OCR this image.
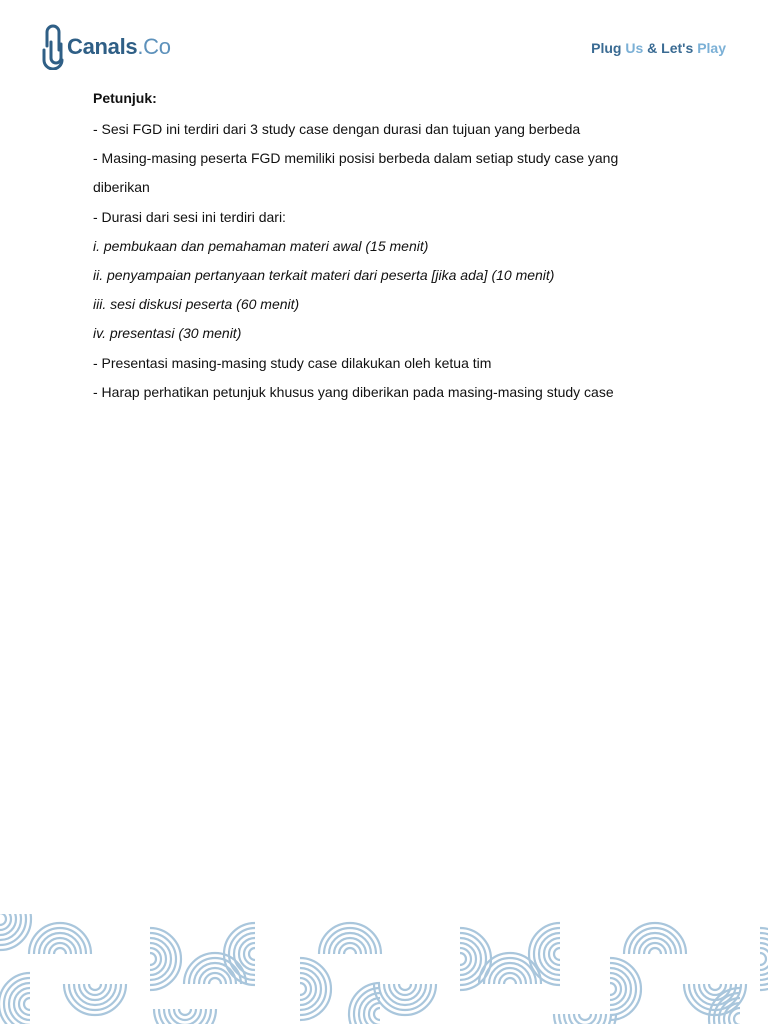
Canals.Co	Plug Us & Let's Play

Petunjuk:

- Sesi FGD ini terdiri dari 3 study case dengan durasi dan tujuan yang berbeda

- Masing-masing peserta FGD memiliki posisi berbeda dalam setiap study case yang

diberikan

- Durasi dari sesi ini terdiri dari:

i. pembukaan dan pemahaman materi awal (15 menit)

ii. penyampaian pertanyaan terkait materi dari peserta [jika ada] (10 menit)

iii. sesi diskusi peserta (60 menit)

iv. presentasi (30 menit)

- Presentasi masing-masing study case dilakukan oleh ketua tim

- Harap perhatikan petunjuk khusus yang diberikan pada masing-masing study case
